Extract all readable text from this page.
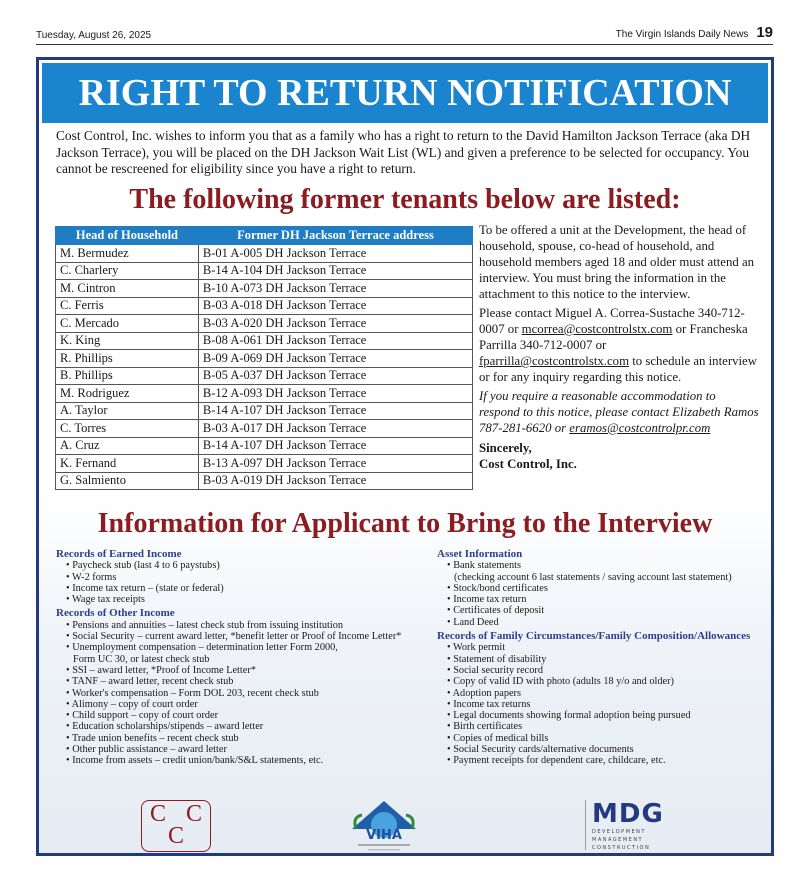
Tuesday, August 26, 2025	The Virgin Islands Daily News 19
RIGHT TO RETURN NOTIFICATION

Cost Control, Inc. wishes to inform you that as a family who has a right to return to the David Hamilton Jackson Terrace (aka DH Jackson Terrace), you will be placed on the DH Jackson Wait List (WL) and given a preference to be selected for occupancy. You cannot be rescreened for eligibility since you have a right to return.

The following former tenants below are listed:
Head of Household	Former DH Jackson Terrace address
M. Bermudez	B-01 A-005 DH Jackson Terrace
C. Charlery	B-14 A-104 DH Jackson Terrace
M. Cintron	B-10 A-073 DH Jackson Terrace
C. Ferris	B-03 A-018 DH Jackson Terrace
C. Mercado	B-03 A-020 DH Jackson Terrace
K. King	B-08 A-061 DH Jackson Terrace
R. Phillips	B-09 A-069 DH Jackson Terrace
B. Phillips	B-05 A-037 DH Jackson Terrace
M. Rodriguez	B-12 A-093 DH Jackson Terrace
A. Taylor	B-14 A-107 DH Jackson Terrace
C. Torres	B-03 A-017 DH Jackson Terrace
A. Cruz	B-14 A-107 DH Jackson Terrace
K. Fernand	B-13 A-097 DH Jackson Terrace
G. Salmiento	B-03 A-019 DH Jackson Terrace

To be offered a unit at the Development, the head of household, spouse, co-head of household, and household members aged 18 and older must attend an interview. You must bring the information in the attachment to this notice to the interview.

Please contact Miguel A. Correa-Sustache 340-712-0007 or mcorrea@costcontrolstx.com or Francheska Parrilla 340-712-0007 or fparrilla@costcontrolstx.com to schedule an interview or for any inquiry regarding this notice.

If you require a reasonable accommodation to respond to this notice, please contact Elizabeth Ramos 787-281-6620 or eramos@costcontrolpr.com

Sincerely,
Cost Control, Inc.

Information for Applicant to Bring to the Interview
Records of Earned Income
• Paycheck stub (last 4 to 6 paystubs)
• W-2 forms
• Income tax return – (state or federal)
• Wage tax receipts
Records of Other Income
• Pensions and annuities – latest check stub from issuing institution
• Social Security – current award letter, *benefit letter or Proof of Income Letter*
• Unemployment compensation – determination letter Form 2000,
Form UC 30, or latest check stub
• SSI – award letter, *Proof of Income Letter*
• TANF – award letter, recent check stub
• Worker's compensation – Form DOL 203, recent check stub
• Alimony – copy of court order
• Child support – copy of court order
• Education scholarships/stipends – award letter
• Trade union benefits – recent check stub
• Other public assistance – award letter
• Income from assets – credit union/bank/S&L statements, etc.
Asset Information
• Bank statements
(checking account 6 last statements / saving account last statement)
• Stock/bond certificates
• Income tax return
• Certificates of deposit
• Land Deed
Records of Family Circumstances/Family Composition/Allowances
• Work permit
• Statement of disability
• Social security record
• Copy of valid ID with photo (adults 18 y/o and older)
• Adoption papers
• Income tax returns
• Legal documents showing formal adoption being pursued
• Birth certificates
• Copies of medical bills
• Social Security cards/alternative documents
• Payment receipts for dependent care, childcare, etc.
C C
C	VIHA
MDG
DEVELOPMENT
MANAGEMENT
CONSTRUCTION
